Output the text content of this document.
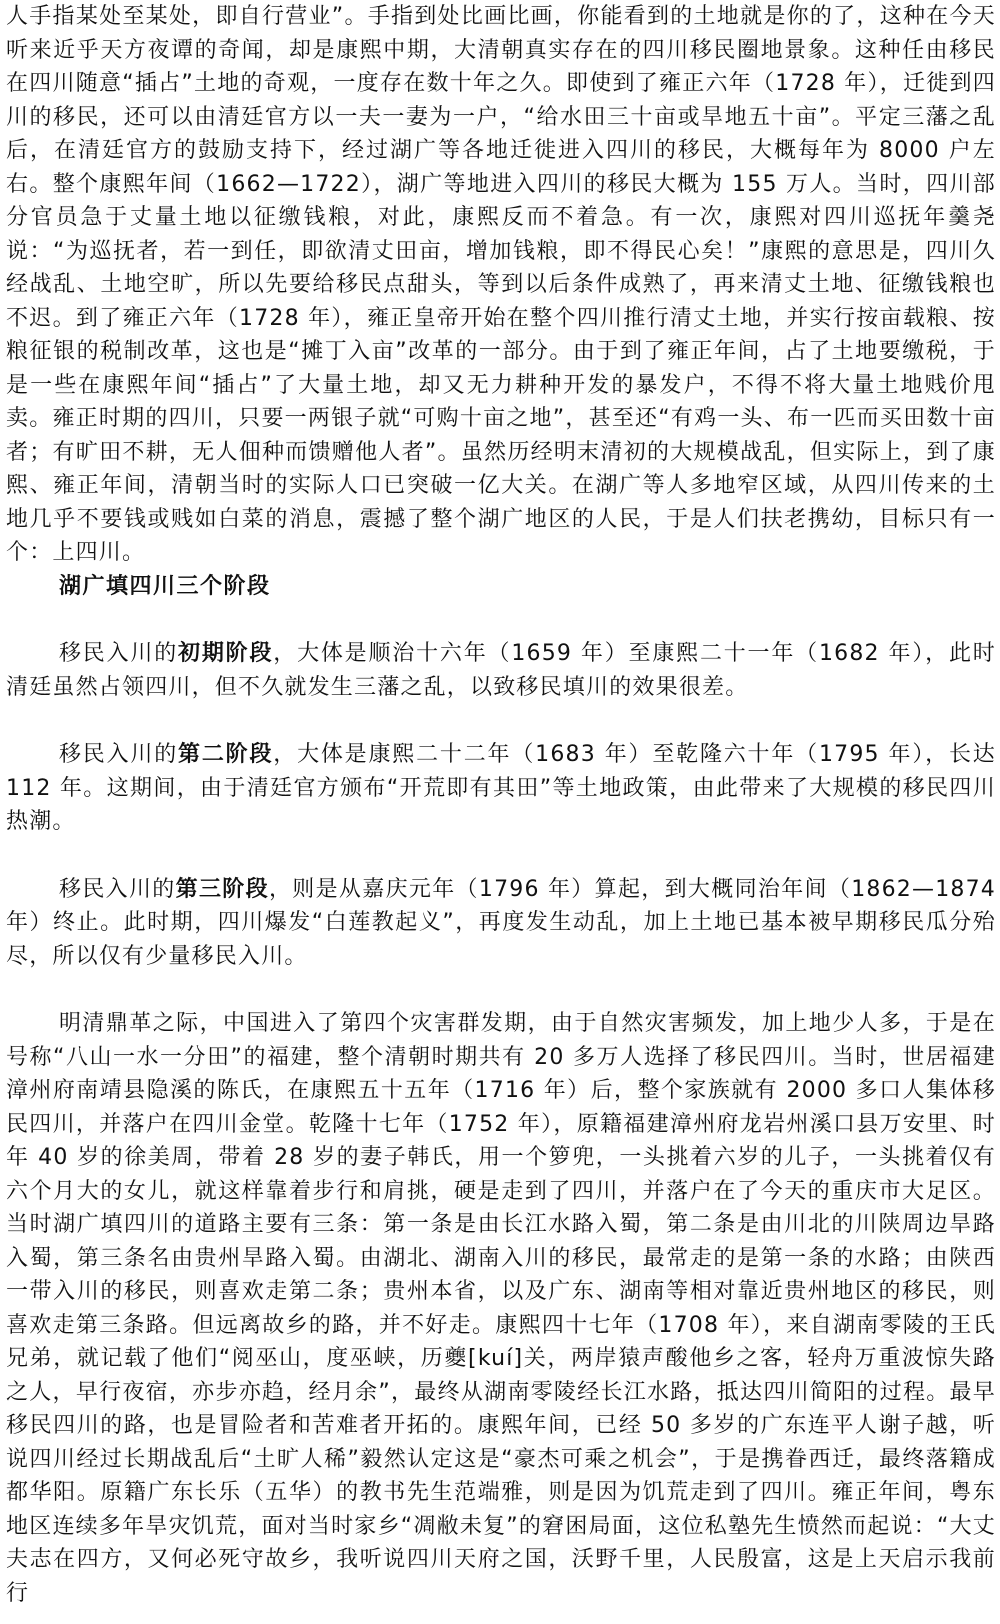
人手指某处至某处，即自行营业”。手指到处比画比画，你能看到的土地就是你的了，这种在今天听来近乎天方夜谭的奇闻，却是康熙中期，大清朝真实存在的四川移民圈地景象。这种任由移民在四川随意“插占”土地的奇观，一度存在数十年之久。即使到了雍正六年（1728 年），迁徙到四川的移民，还可以由清廷官方以一夫一妻为一户，“给水田三十亩或旱地五十亩”。平定三藩之乱后，在清廷官方的鼓励支持下，经过湖广等各地迁徙进入四川的移民，大概每年为 8000 户左右。整个康熙年间（1662—1722），湖广等地进入四川的移民大概为 155 万人。当时，四川部分官员急于丈量土地以征缴钱粮，对此，康熙反而不着急。有一次，康熙对四川巡抚年羹尧说：“为巡抚者，若一到任，即欲清丈田亩，增加钱粮，即不得民心矣！”康熙的意思是，四川久经战乱、土地空旷，所以先要给移民点甜头，等到以后条件成熟了，再来清丈土地、征缴钱粮也不迟。到了雍正六年（1728 年），雍正皇帝开始在整个四川推行清丈土地，并实行按亩载粮、按粮征银的税制改革，这也是“摊丁入亩”改革的一部分。由于到了雍正年间，占了土地要缴税，于是一些在康熙年间“插占”了大量土地，却又无力耕种开发的暴发户，不得不将大量土地贱价甩卖。雍正时期的四川，只要一两银子就“可购十亩之地”，甚至还“有鸡一头、布一匹而买田数十亩者；有旷田不耕，无人佃种而馈赠他人者”。虽然历经明末清初的大规模战乱，但实际上，到了康熙、雍正年间，清朝当时的实际人口已突破一亿大关。在湖广等人多地窄区域，从四川传来的土地几乎不要钱或贱如白菜的消息，震撼了整个湖广地区的人民，于是人们扶老携幼，目标只有一个：上四川。

湖广填四川三个阶段

移民入川的初期阶段，大体是顺治十六年（1659 年）至康熙二十一年（1682 年），此时清廷虽然占领四川，但不久就发生三藩之乱，以致移民填川的效果很差。

移民入川的第二阶段，大体是康熙二十二年（1683 年）至乾隆六十年（1795 年），长达 112 年。这期间，由于清廷官方颁布“开荒即有其田”等土地政策，由此带来了大规模的移民四川热潮。

移民入川的第三阶段，则是从嘉庆元年（1796 年）算起，到大概同治年间（1862—1874 年）终止。此时期，四川爆发“白莲教起义”，再度发生动乱，加上土地已基本被早期移民瓜分殆尽，所以仅有少量移民入川。

明清鼎革之际，中国进入了第四个灾害群发期，由于自然灾害频发，加上地少人多，于是在号称“八山一水一分田”的福建，整个清朝时期共有 20 多万人选择了移民四川。当时，世居福建漳州府南靖县隐溪的陈氏，在康熙五十五年（1716 年）后，整个家族就有 2000 多口人集体移民四川，并落户在四川金堂。乾隆十七年（1752 年），原籍福建漳州府龙岩州溪口县万安里、时年 40 岁的徐美周，带着 28 岁的妻子韩氏，用一个箩兜，一头挑着六岁的儿子，一头挑着仅有六个月大的女儿，就这样靠着步行和肩挑，硬是走到了四川，并落户在了今天的重庆市大足区。当时湖广填四川的道路主要有三条：第一条是由长江水路入蜀，第二条是由川北的川陕周边旱路入蜀，第三条名由贵州旱路入蜀。由湖北、湖南入川的移民，最常走的是第一条的水路；由陕西一带入川的移民，则喜欢走第二条；贵州本省，以及广东、湖南等相对靠近贵州地区的移民，则喜欢走第三条路。但远离故乡的路，并不好走。康熙四十七年（1708 年），来自湖南零陵的王氏兄弟，就记载了他们“阅巫山，度巫峡，历夔[kuí]关，两岸猿声酸他乡之客，轻舟万重波惊失路之人，早行夜宿，亦步亦趋，经月余”，最终从湖南零陵经长江水路，抵达四川简阳的过程。最早移民四川的路，也是冒险者和苦难者开拓的。康熙年间，已经 50 多岁的广东连平人谢子越，听说四川经过长期战乱后“土旷人稀”毅然认定这是“豪杰可乘之机会”，于是携眷西迁，最终落籍成都华阳。原籍广东长乐（五华）的教书先生范端雅，则是因为饥荒走到了四川。雍正年间，粤东地区连续多年旱灾饥荒，面对当时家乡“凋敝未复”的窘困局面，这位私塾先生愤然而起说：“大丈夫志在四方，又何必死守故乡，我听说四川天府之国，沃野千里，人民殷富，这是上天启示我前行
